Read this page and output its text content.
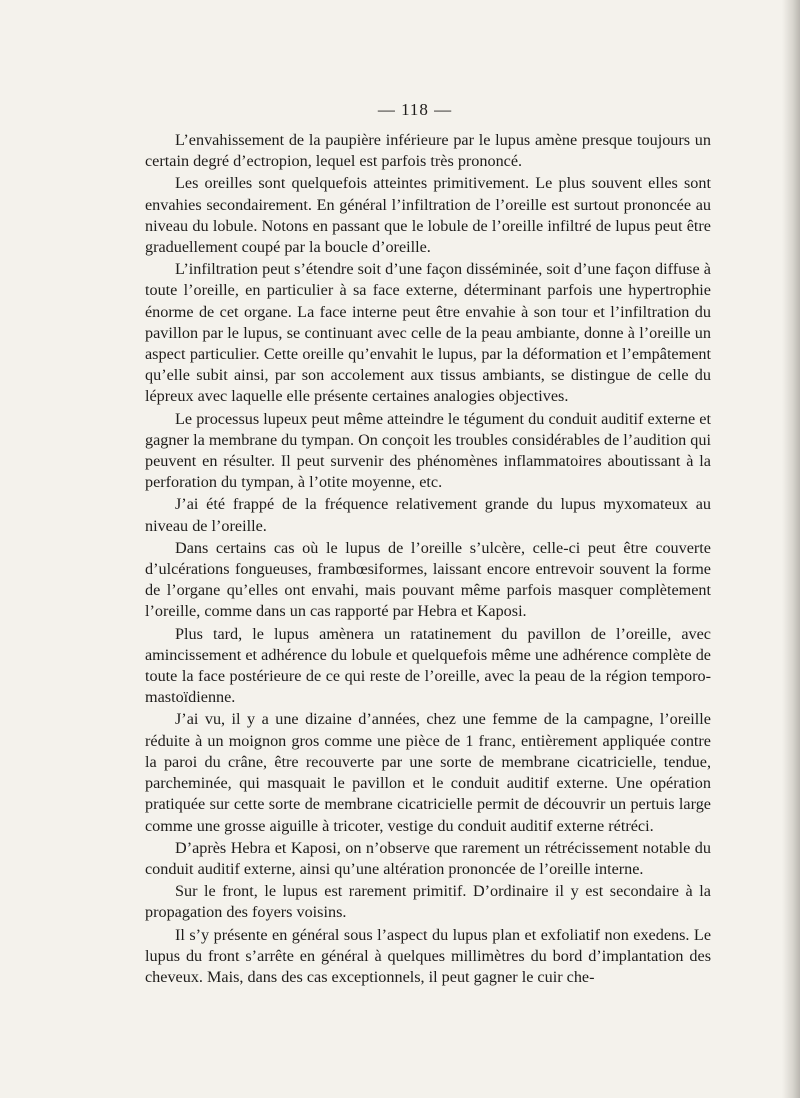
— 118 —

L’envahissement de la paupière inférieure par le lupus amène presque toujours un certain degré d’ectropion, lequel est parfois très prononcé.

Les oreilles sont quelquefois atteintes primitivement. Le plus souvent elles sont envahies secondairement. En général l’infiltration de l’oreille est surtout prononcée au niveau du lobule. Notons en passant que le lobule de l’oreille infiltré de lupus peut être graduellement coupé par la boucle d’oreille.

L’infiltration peut s’étendre soit d’une façon disséminée, soit d’une façon diffuse à toute l’oreille, en particulier à sa face externe, déterminant parfois une hypertrophie énorme de cet organe. La face interne peut être envahie à son tour et l’infiltration du pavillon par le lupus, se continuant avec celle de la peau ambiante, donne à l’oreille un aspect particulier. Cette oreille qu’envahit le lupus, par la déformation et l’empâtement qu’elle subit ainsi, par son accolement aux tissus ambiants, se distingue de celle du lépreux avec laquelle elle présente certaines analogies objectives.

Le processus lupeux peut même atteindre le tégument du conduit auditif externe et gagner la membrane du tympan. On conçoit les troubles considérables de l’audition qui peuvent en résulter. Il peut survenir des phénomènes inflammatoires aboutissant à la perforation du tympan, à l’otite moyenne, etc.

J’ai été frappé de la fréquence relativement grande du lupus myxomateux au niveau de l’oreille.

Dans certains cas où le lupus de l’oreille s’ulcère, celle-ci peut être couverte d’ulcérations fongueuses, frambœsiformes, laissant encore entrevoir souvent la forme de l’organe qu’elles ont envahi, mais pouvant même parfois masquer complètement l’oreille, comme dans un cas rapporté par Hebra et Kaposi.

Plus tard, le lupus amènera un ratatinement du pavillon de l’oreille, avec amincissement et adhérence du lobule et quelquefois même une adhérence complète de toute la face postérieure de ce qui reste de l’oreille, avec la peau de la région temporo-mastoïdienne.

J’ai vu, il y a une dizaine d’années, chez une femme de la campagne, l’oreille réduite à un moignon gros comme une pièce de 1 franc, entièrement appliquée contre la paroi du crâne, être recouverte par une sorte de membrane cicatricielle, tendue, parcheminée, qui masquait le pavillon et le conduit auditif externe. Une opération pratiquée sur cette sorte de membrane cicatricielle permit de découvrir un pertuis large comme une grosse aiguille à tricoter, vestige du conduit auditif externe rétréci.

D’après Hebra et Kaposi, on n’observe que rarement un rétrécissement notable du conduit auditif externe, ainsi qu’une altération prononcée de l’oreille interne.

Sur le front, le lupus est rarement primitif. D’ordinaire il y est secondaire à la propagation des foyers voisins.

Il s’y présente en général sous l’aspect du lupus plan et exfoliatif non exedens. Le lupus du front s’arrête en général à quelques millimètres du bord d’implantation des cheveux. Mais, dans des cas exceptionnels, il peut gagner le cuir che-
